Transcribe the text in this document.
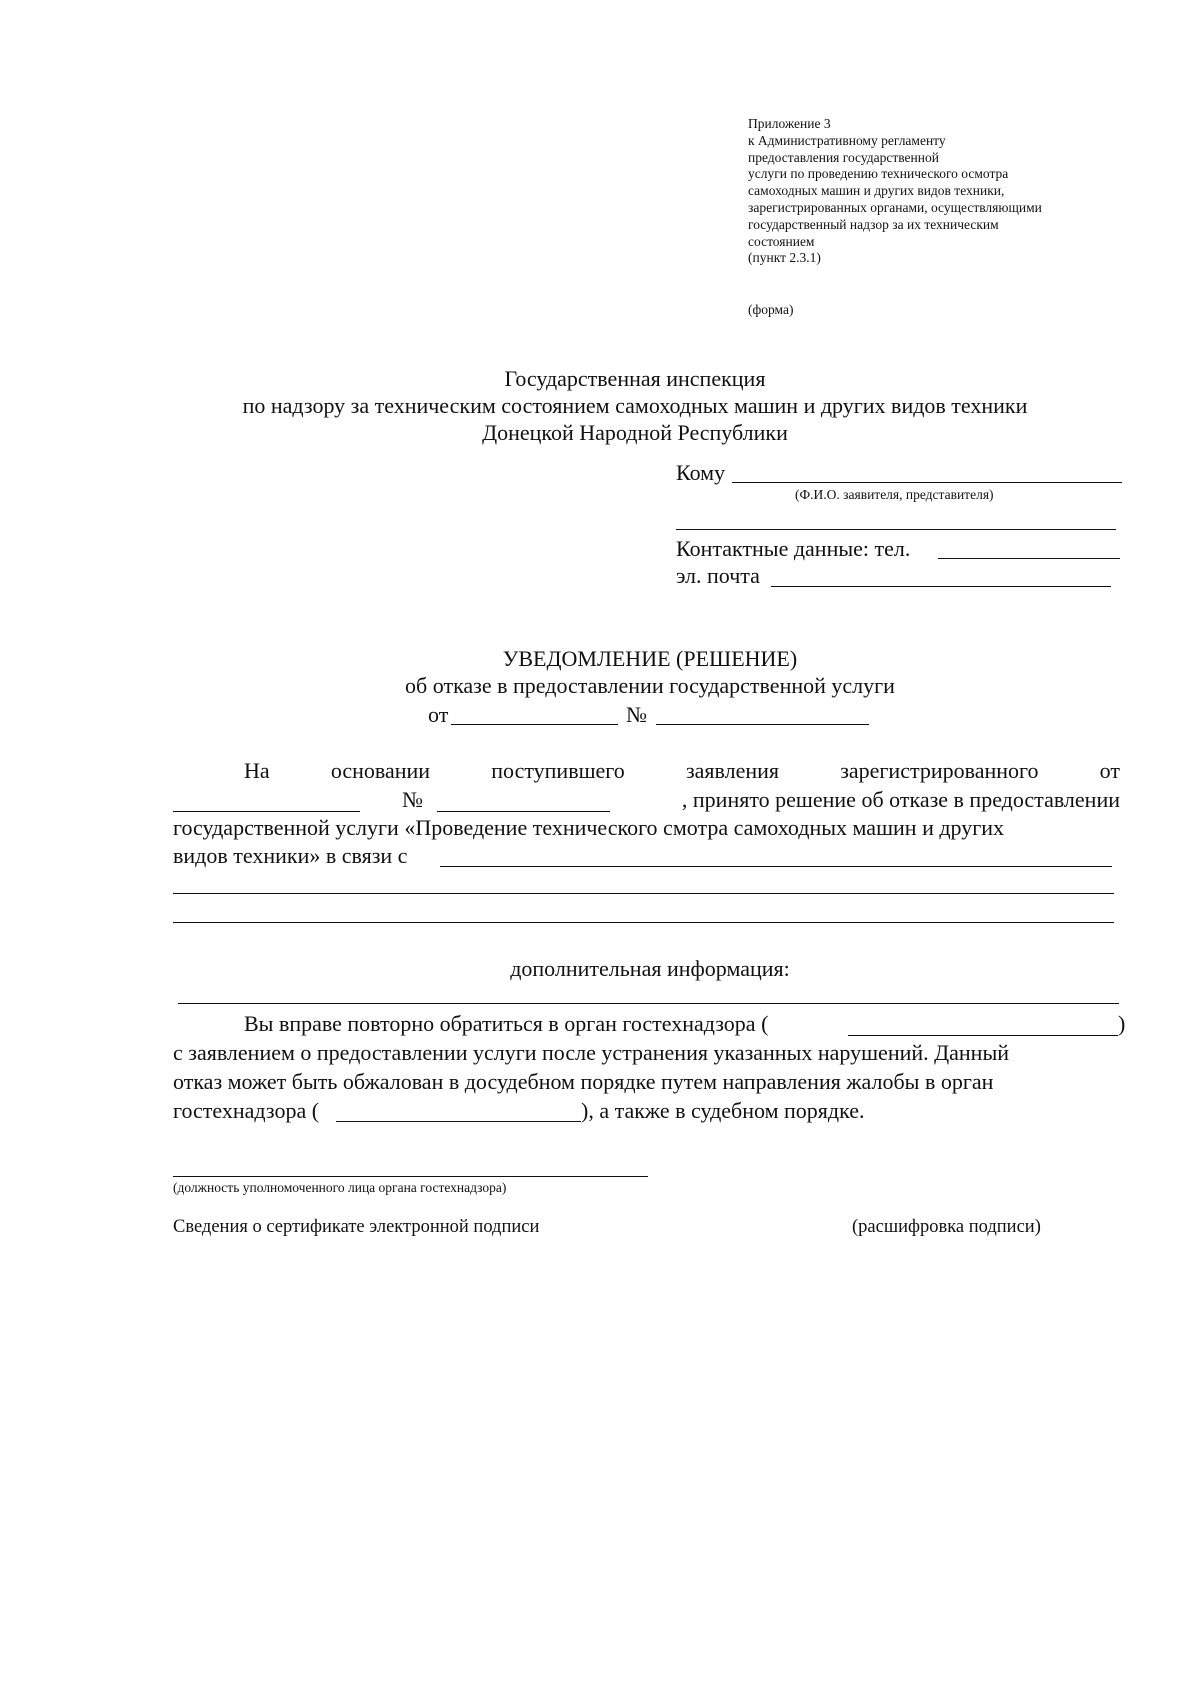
Приложение 3
к Административному регламенту
предоставления государственной
услуги по проведению технического осмотра
самоходных машин и других видов техники,
зарегистрированных органами, осуществляющими
государственный надзор за их техническим
состоянием
(пункт 2.3.1)
(форма)
Государственная инспекция
по надзору за техническим состоянием самоходных машин и других видов техники
Донецкой Народной Республики
Кому
(Ф.И.О. заявителя, представителя)
Контактные данные: тел.
эл. почта
УВЕДОМЛЕНИЕ (РЕШЕНИЕ)
об отказе в предоставлении государственной услуги
от	№
На	основании	поступившего	заявления	зарегистрированного	от
№	, принято решение об отказе в предоставлении
государственной услуги «Проведение технического смотра самоходных машин и других
видов техники» в связи с
дополнительная информация:
Вы вправе повторно обратиться в орган гостехнадзора (	)
с заявлением о предоставлении услуги после устранения указанных нарушений. Данный
отказ может быть обжалован в досудебном порядке путем направления жалобы в орган
гостехнадзора (	), а также в судебном порядке.
(должность уполномоченного лица органа гостехнадзора)
Сведения о сертификате электронной подписи	(расшифровка подписи)
